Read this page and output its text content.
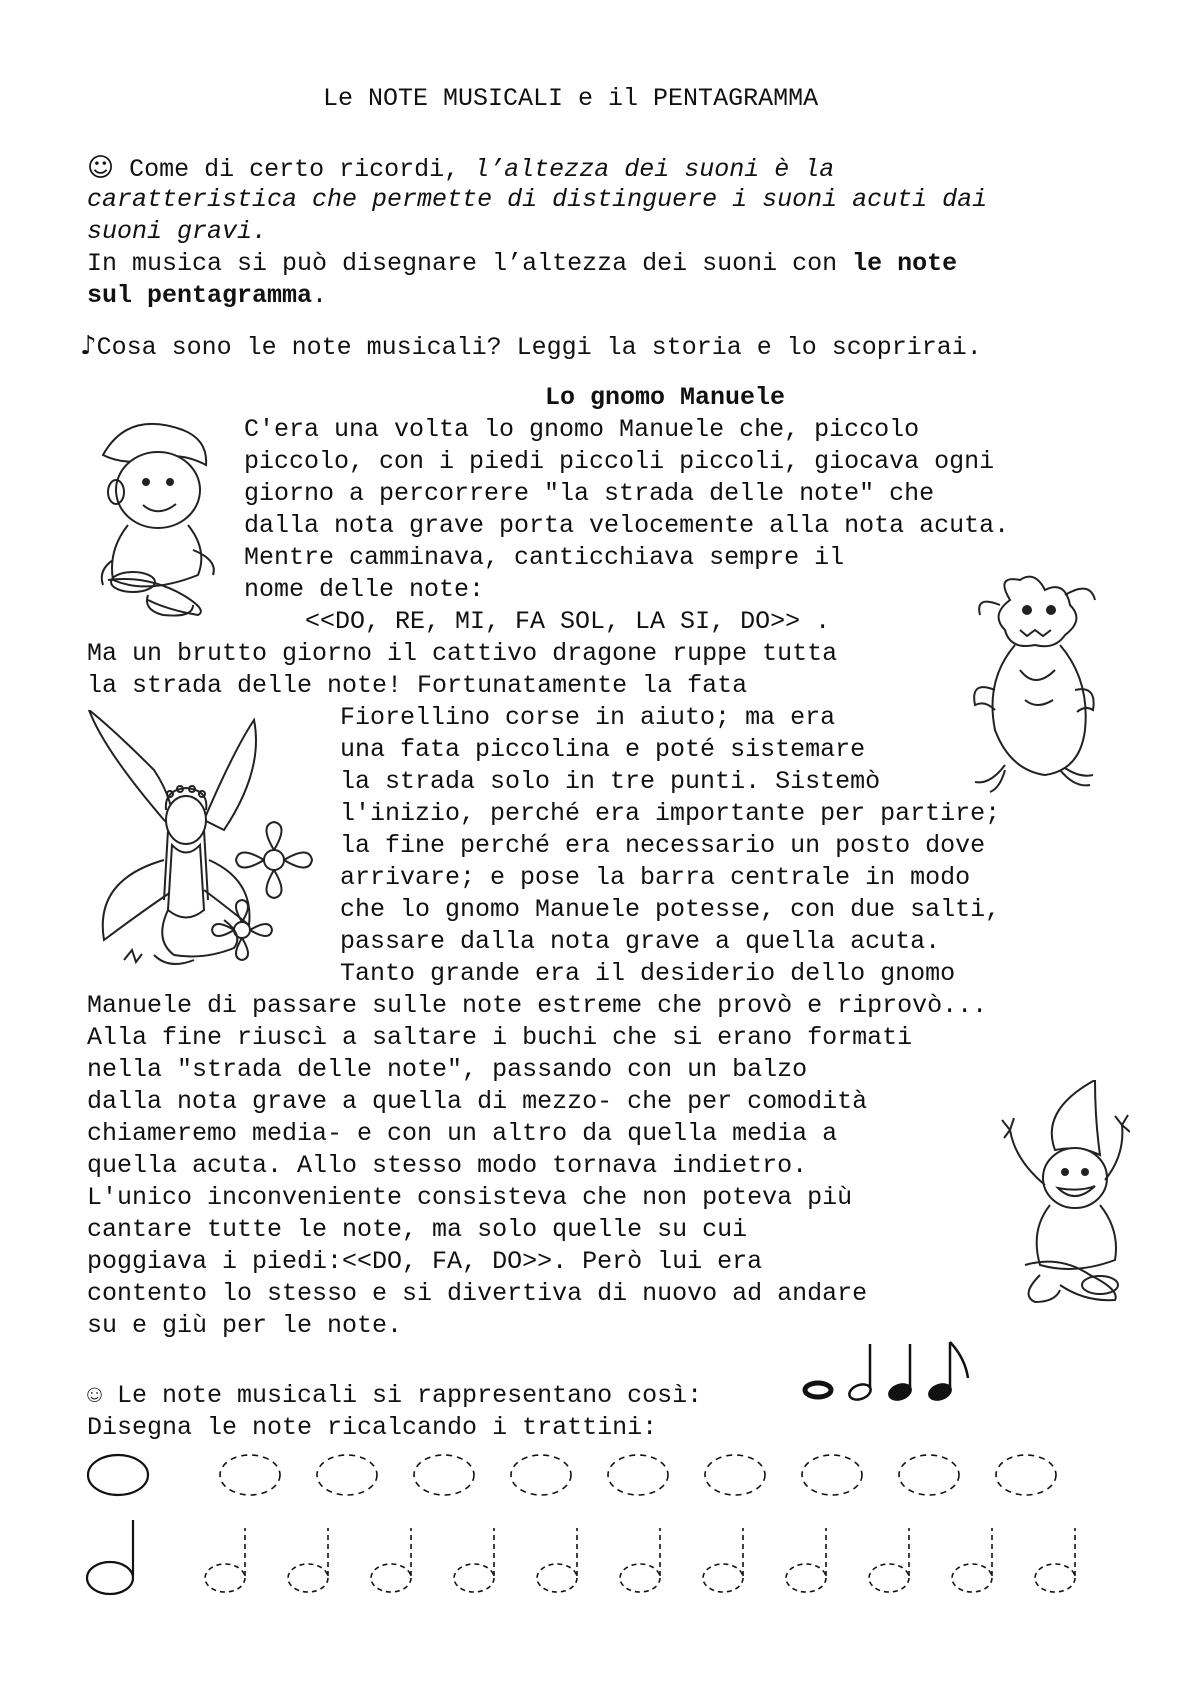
Le NOTE MUSICALI e il PENTAGRAMMA
☺ Come di certo ricordi, l’altezza dei suoni è la
caratteristica che permette di distinguere i suoni acuti dai
suoni gravi.
In musica si può disegnare l’altezza dei suoni con le note
sul pentagramma.
♪Cosa sono le note musicali? Leggi la storia e lo scoprirai.
Lo gnomo Manuele
C'era una volta lo gnomo Manuele che, piccolo
piccolo, con i piedi piccoli piccoli, giocava ogni
giorno a percorrere "la strada delle note" che
dalla nota grave porta velocemente alla nota acuta.
Mentre camminava, canticchiava sempre il
nome delle note:
<<DO, RE, MI, FA SOL, LA SI, DO>> .
Ma un brutto giorno il cattivo dragone ruppe tutta
la strada delle note! Fortunatamente la fata
Fiorellino corse in aiuto; ma era
una fata piccolina e poté sistemare
la strada solo in tre punti. Sistemò
l'inizio, perché era importante per partire;
la fine perché era necessario un posto dove
arrivare; e pose la barra centrale in modo
che lo gnomo Manuele potesse, con due salti,
passare dalla nota grave a quella acuta.
Tanto grande era il desiderio dello gnomo
Manuele di passare sulle note estreme che provò e riprovò...
Alla fine riuscì a saltare i buchi che si erano formati
nella "strada delle note", passando con un balzo
dalla nota grave a quella di mezzo- che per comodità
chiameremo media- e con un altro da quella media a
quella acuta. Allo stesso modo tornava indietro.
L'unico inconveniente consisteva che non poteva più
cantare tutte le note, ma solo quelle su cui
poggiava i piedi:<<DO, FA, DO>>. Però lui era
contento lo stesso e si divertiva di nuovo ad andare
su e giù per le note.
☺ Le note musicali si rappresentano così:
Disegna le note ricalcando i trattini:
